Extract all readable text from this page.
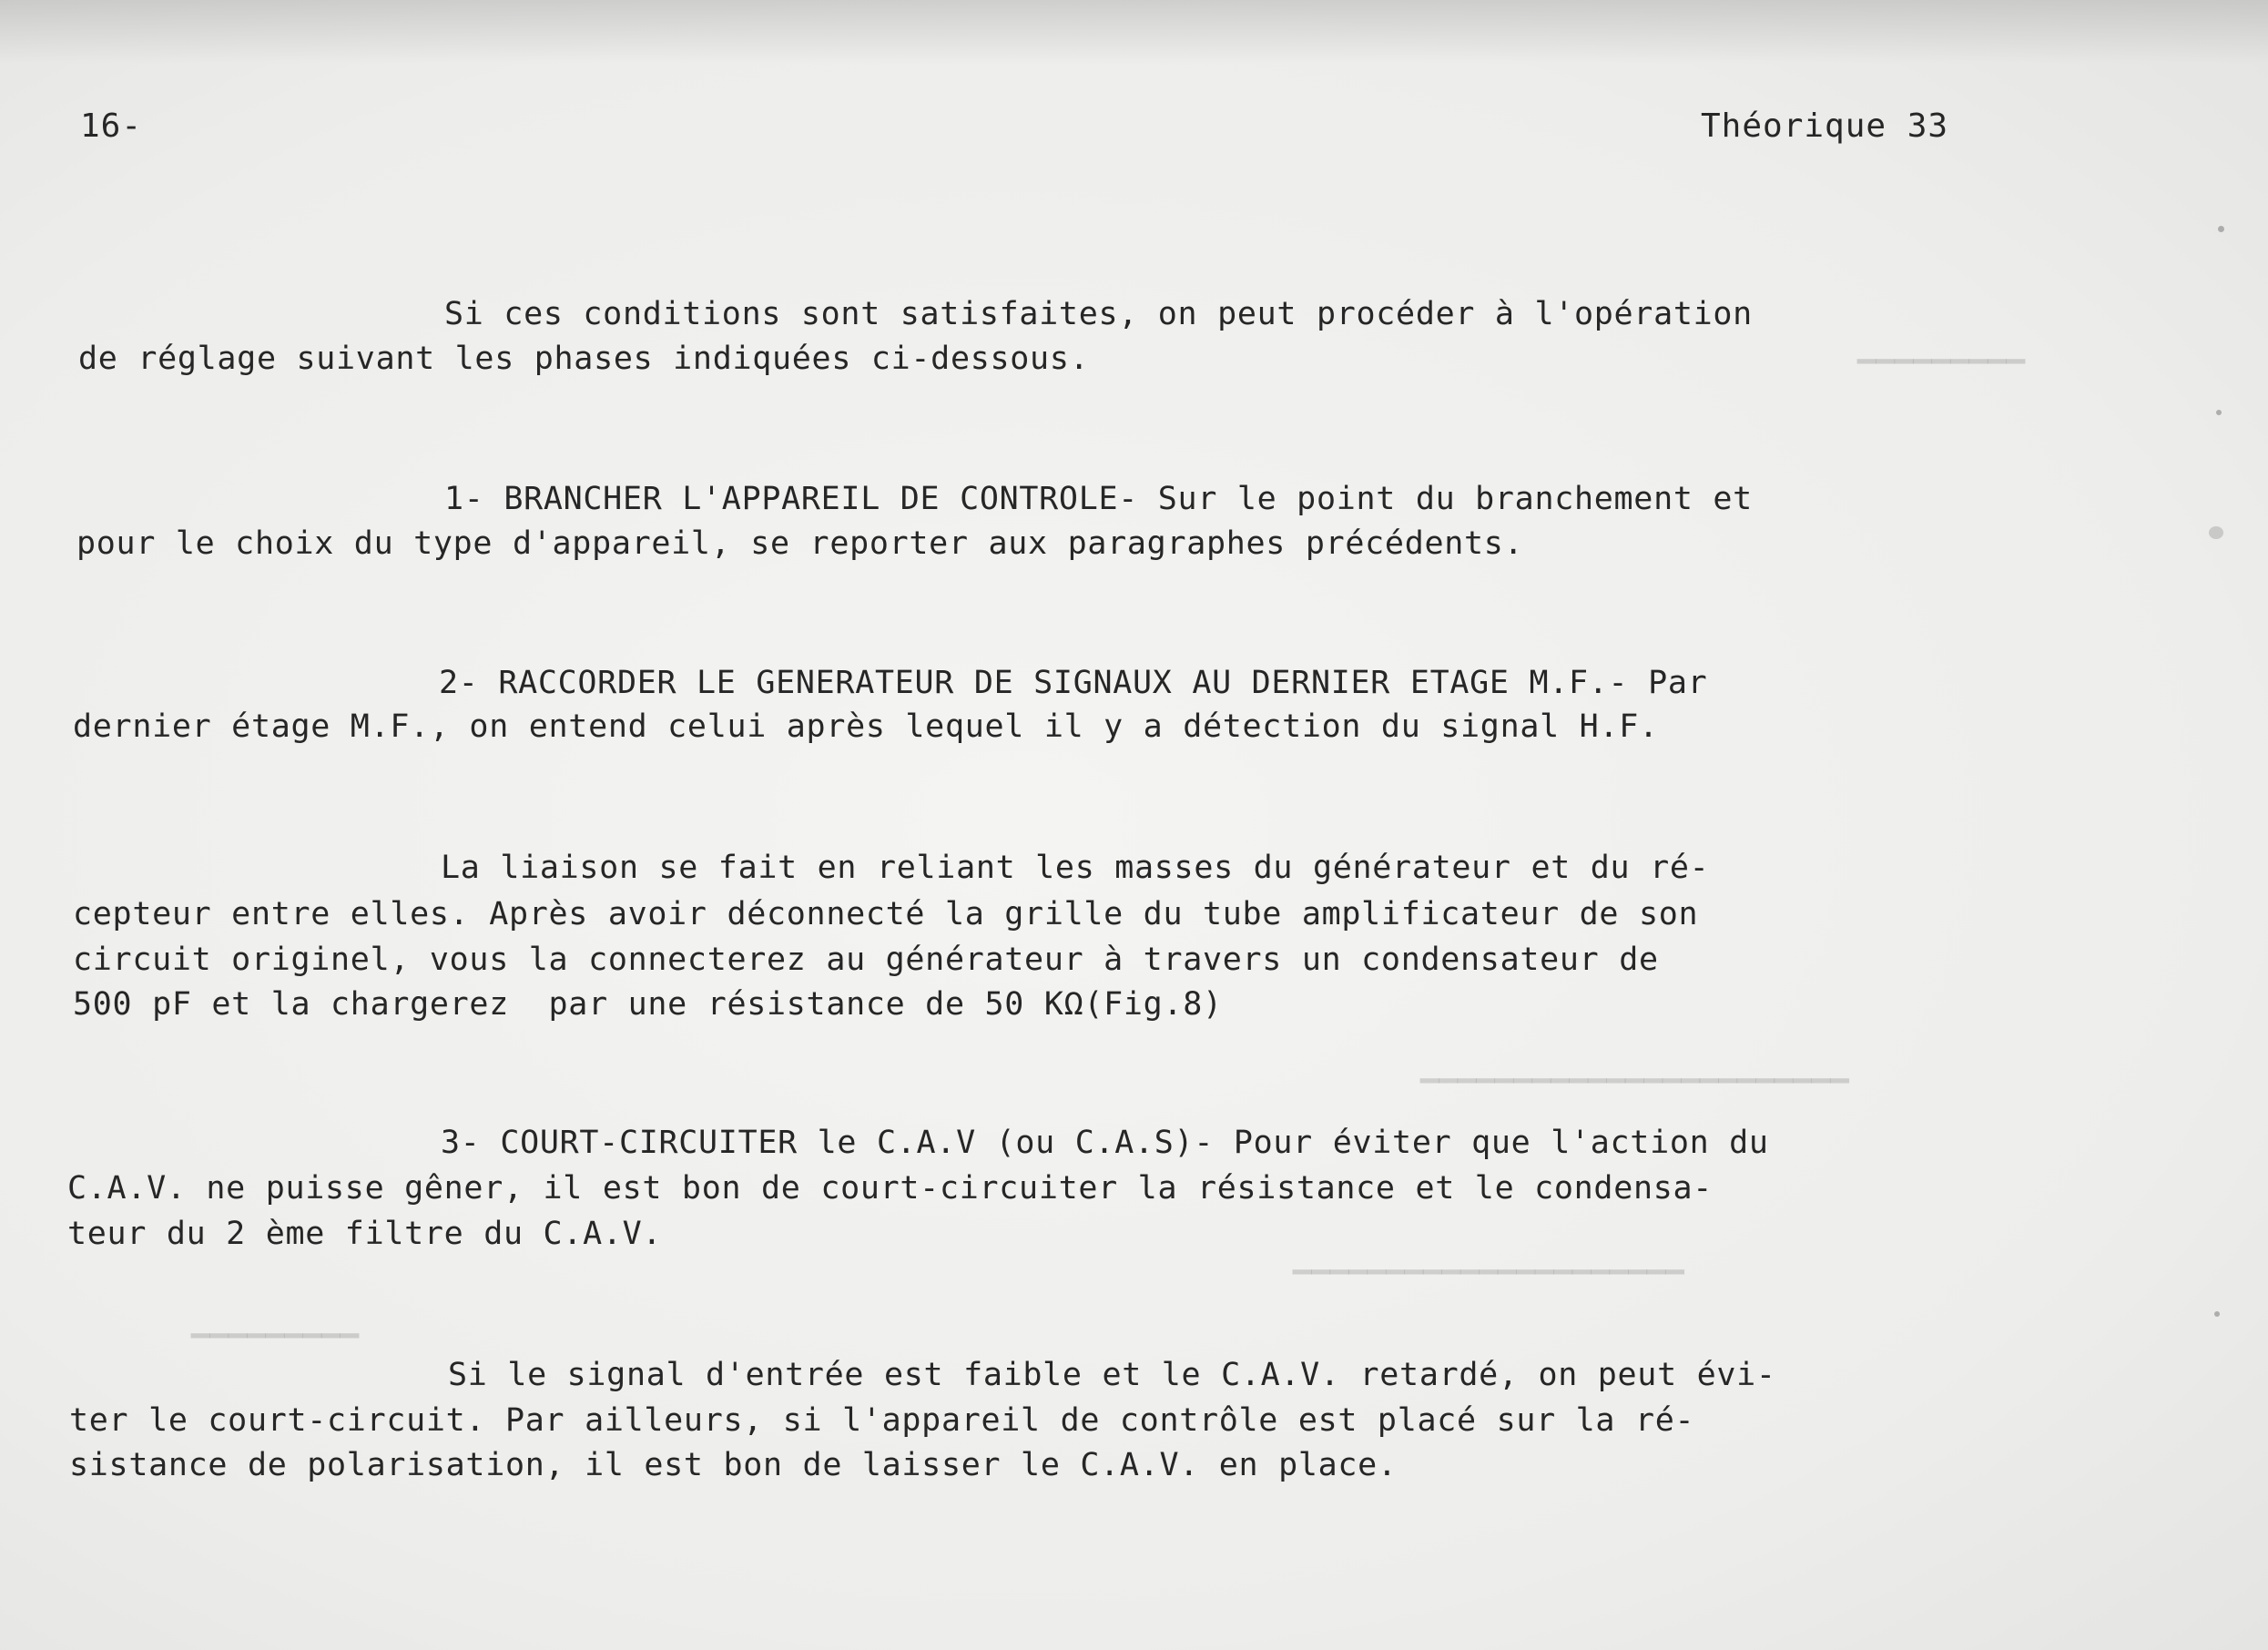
▁▁▁▁▁▁▁▁▁
▁▁▁▁▁▁▁▁▁▁▁▁▁▁▁▁▁▁▁▁▁▁▁
▁▁▁▁▁▁▁▁▁▁▁▁▁▁▁▁▁▁▁▁▁
▁▁▁▁▁▁▁▁▁
16-	Théorique 33
Si ces conditions sont satisfaites, on peut procéder à l'opération
de réglage suivant les phases indiquées ci-dessous.
1- BRANCHER L'APPAREIL DE CONTROLE- Sur le point du branchement et
pour le choix du type d'appareil, se reporter aux paragraphes précédents.
2- RACCORDER LE GENERATEUR DE SIGNAUX AU DERNIER ETAGE M.F.- Par
dernier étage M.F., on entend celui après lequel il y a détection du signal H.F.
La liaison se fait en reliant les masses du générateur et du ré-
cepteur entre elles. Après avoir déconnecté la grille du tube amplificateur de son
circuit originel, vous la connecterez au générateur à travers un condensateur de
500 pF et la chargerez  par une résistance de 50 KΩ(Fig.8)
3- COURT-CIRCUITER le C.A.V (ou C.A.S)- Pour éviter que l'action du
C.A.V. ne puisse gêner, il est bon de court-circuiter la résistance et le condensa-
teur du 2 ème filtre du C.A.V.
Si le signal d'entrée est faible et le C.A.V. retardé, on peut évi-
ter le court-circuit. Par ailleurs, si l'appareil de contrôle est placé sur la ré-
sistance de polarisation, il est bon de laisser le C.A.V. en place.
